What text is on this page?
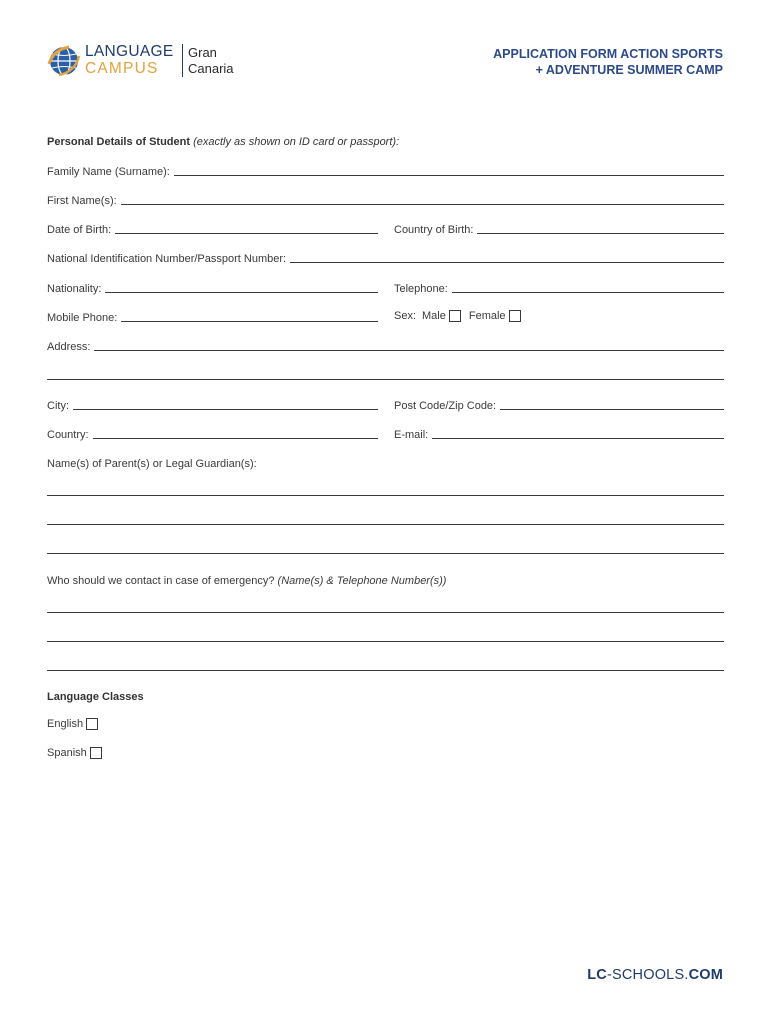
LANGUAGE
CAMPUS
Gran
Canaria
APPLICATION FORM ACTION SPORTS
+ ADVENTURE SUMMER CAMP
Personal Details of Student (exactly as shown on ID card or passport):
Family Name (Surname):
First Name(s):
Date of Birth:	Country of Birth:
National Identification Number/Passport Number:
Nationality:	Telephone:
Mobile Phone:	Sex: Male Female
Address:
City:	Post Code/Zip Code:
Country:	E-mail:
Name(s) of Parent(s) or Legal Guardian(s):
Who should we contact in case of emergency? (Name(s) & Telephone Number(s))
Language Classes
English
Spanish
LC-SCHOOLS.COM
